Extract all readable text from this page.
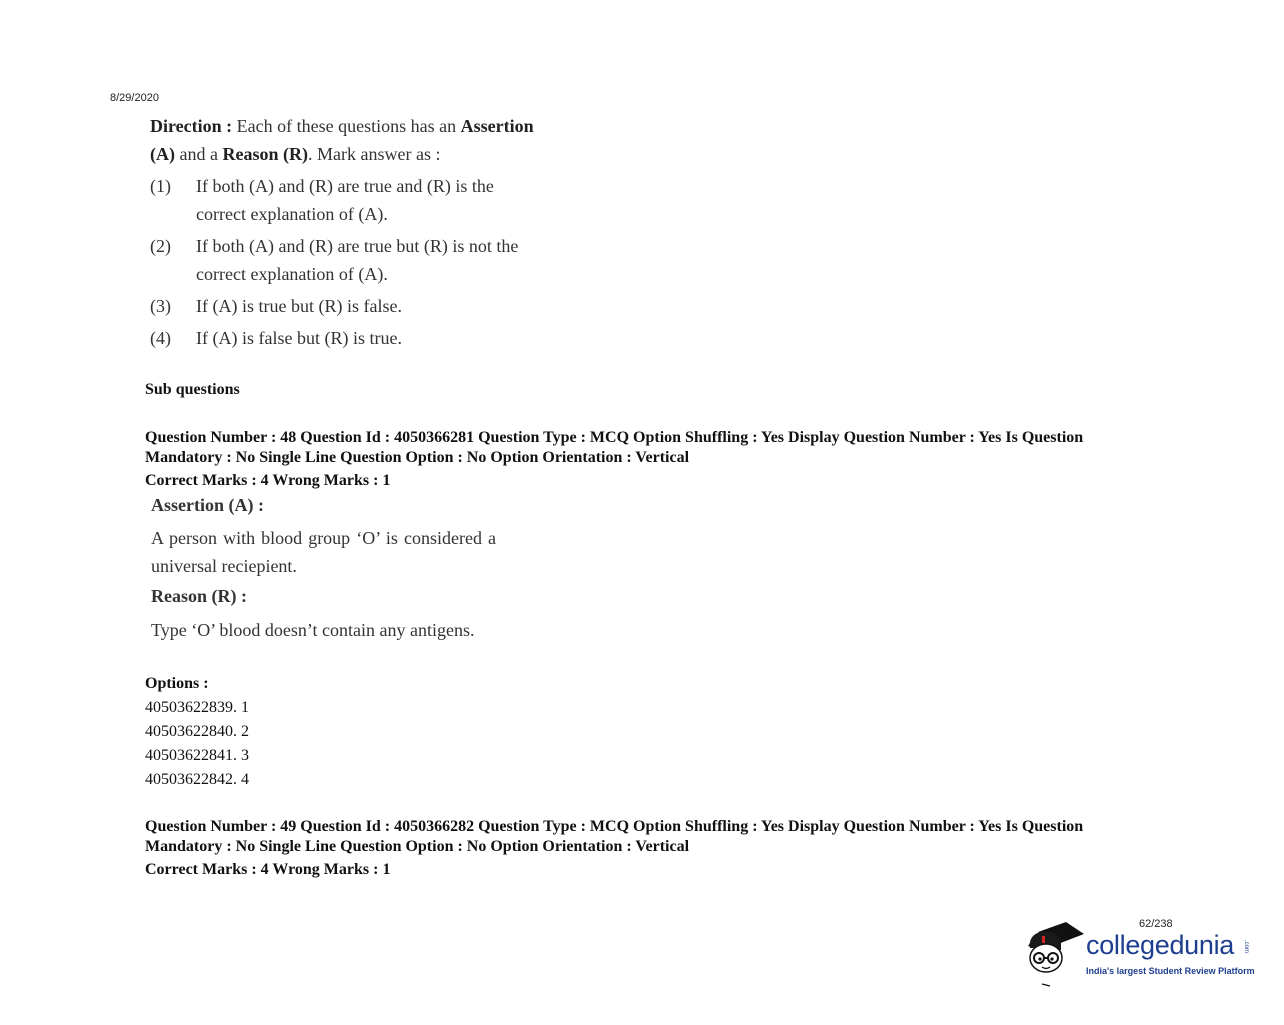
8/29/2020
Direction : Each of these questions has an Assertion (A) and a Reason (R). Mark answer as :
(1)	If both (A) and (R) are true and (R) is the correct explanation of (A).
(2)	If both (A) and (R) are true but (R) is not the correct explanation of (A).
(3)	If (A) is true but (R) is false.
(4)	If (A) is false but (R) is true.
Sub questions
Question Number : 48 Question Id : 4050366281 Question Type : MCQ Option Shuffling : Yes Display Question Number : Yes Is Question Mandatory : No Single Line Question Option : No Option Orientation : Vertical
Correct Marks : 4 Wrong Marks : 1
Assertion (A) :
A person with blood group ‘O’ is considered a universal reciepient.
Reason (R) :
Type ‘O’ blood doesn’t contain any antigens.
Options :
40503622839. 1
40503622840. 2
40503622841. 3
40503622842. 4
Question Number : 49 Question Id : 4050366282 Question Type : MCQ Option Shuffling : Yes Display Question Number : Yes Is Question Mandatory : No Single Line Question Option : No Option Orientation : Vertical
Correct Marks : 4 Wrong Marks : 1
62/238
collegedunia .com
India's largest Student Review Platform
